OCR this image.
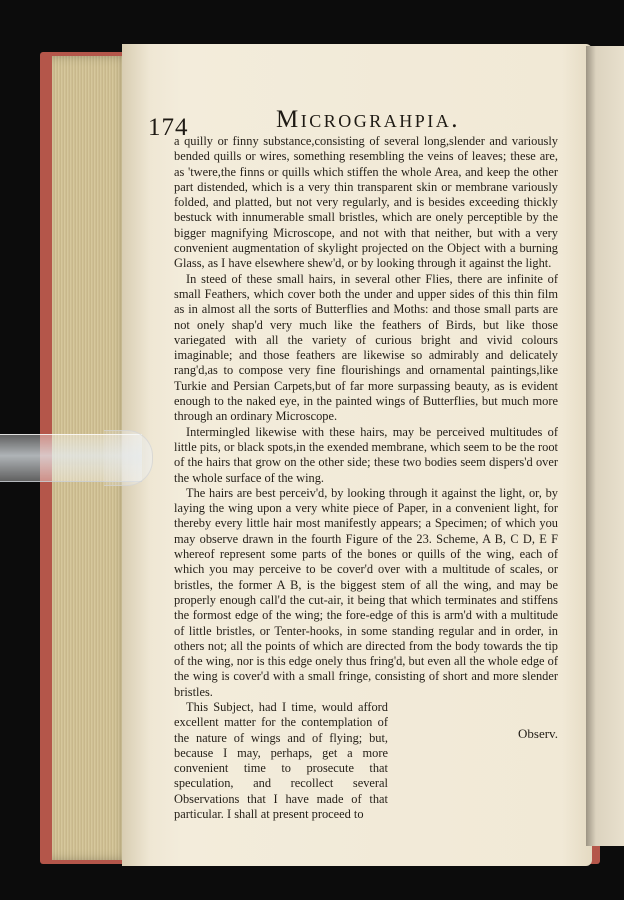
174	Micrograhpia.

a quilly or finny substance,consisting of several long,slender and variously bended quills or wires, something resembling the veins of leaves; these are, as 'twere,the finns or quills which stiffen the whole Area, and keep the other part distended, which is a very thin transparent skin or membrane variously folded, and platted, but not very regularly, and is besides exceeding thickly bestuck with innumerable small bristles, which are onely perceptible by the bigger magnifying Microscope, and not with that neither, but with a very convenient augmentation of skylight projected on the Object with a burning Glass, as I have elsewhere shew'd, or by looking through it against the light.

In steed of these small hairs, in several other Flies, there are infinite of small Feathers, which cover both the under and upper sides of this thin film as in almost all the sorts of Butterflies and Moths: and those small parts are not onely shap'd very much like the feathers of Birds, but like those variegated with all the variety of curious bright and vivid colours imaginable; and those feathers are likewise so admirably and delicately rang'd,as to compose very fine flourishings and ornamental paintings,like Turkie and Persian Carpets,but of far more surpassing beauty, as is evident enough to the naked eye, in the painted wings of Butterflies, but much more through an ordinary Microscope.

Intermingled likewise with these hairs, may be perceived multitudes of little pits, or black spots,in the exended membrane, which seem to be the root of the hairs that grow on the other side; these two bodies seem dispers'd over the whole surface of the wing.

The hairs are best perceiv'd, by looking through it against the light, or, by laying the wing upon a very white piece of Paper, in a convenient light, for thereby every little hair most manifestly appears; a Specimen; of which you may observe drawn in the fourth Figure of the 23. Scheme, A B, C D, E F whereof represent some parts of the bones or quills of the wing, each of which you may perceive to be cover'd over with a multitude of scales, or bristles, the former A B, is the biggest stem of all the wing, and may be properly enough call'd the cut-air, it being that which terminates and stiffens the formost edge of the wing; the fore-edge of this is arm'd with a multitude of little bristles, or Tenter-hooks, in some standing regular and in order, in others not; all the points of which are directed from the body towards the tip of the wing, nor is this edge onely thus fring'd, but even all the whole edge of the wing is cover'd with a small fringe, consisting of short and more slender bristles.

This Subject, had I time, would afford excellent matter for the contemplation of the nature of wings and of flying; but, because I may, perhaps, get a more convenient time to prosecute that speculation, and recollect several Observations that I have made of that particular. I shall at present proceed to

Observ.
